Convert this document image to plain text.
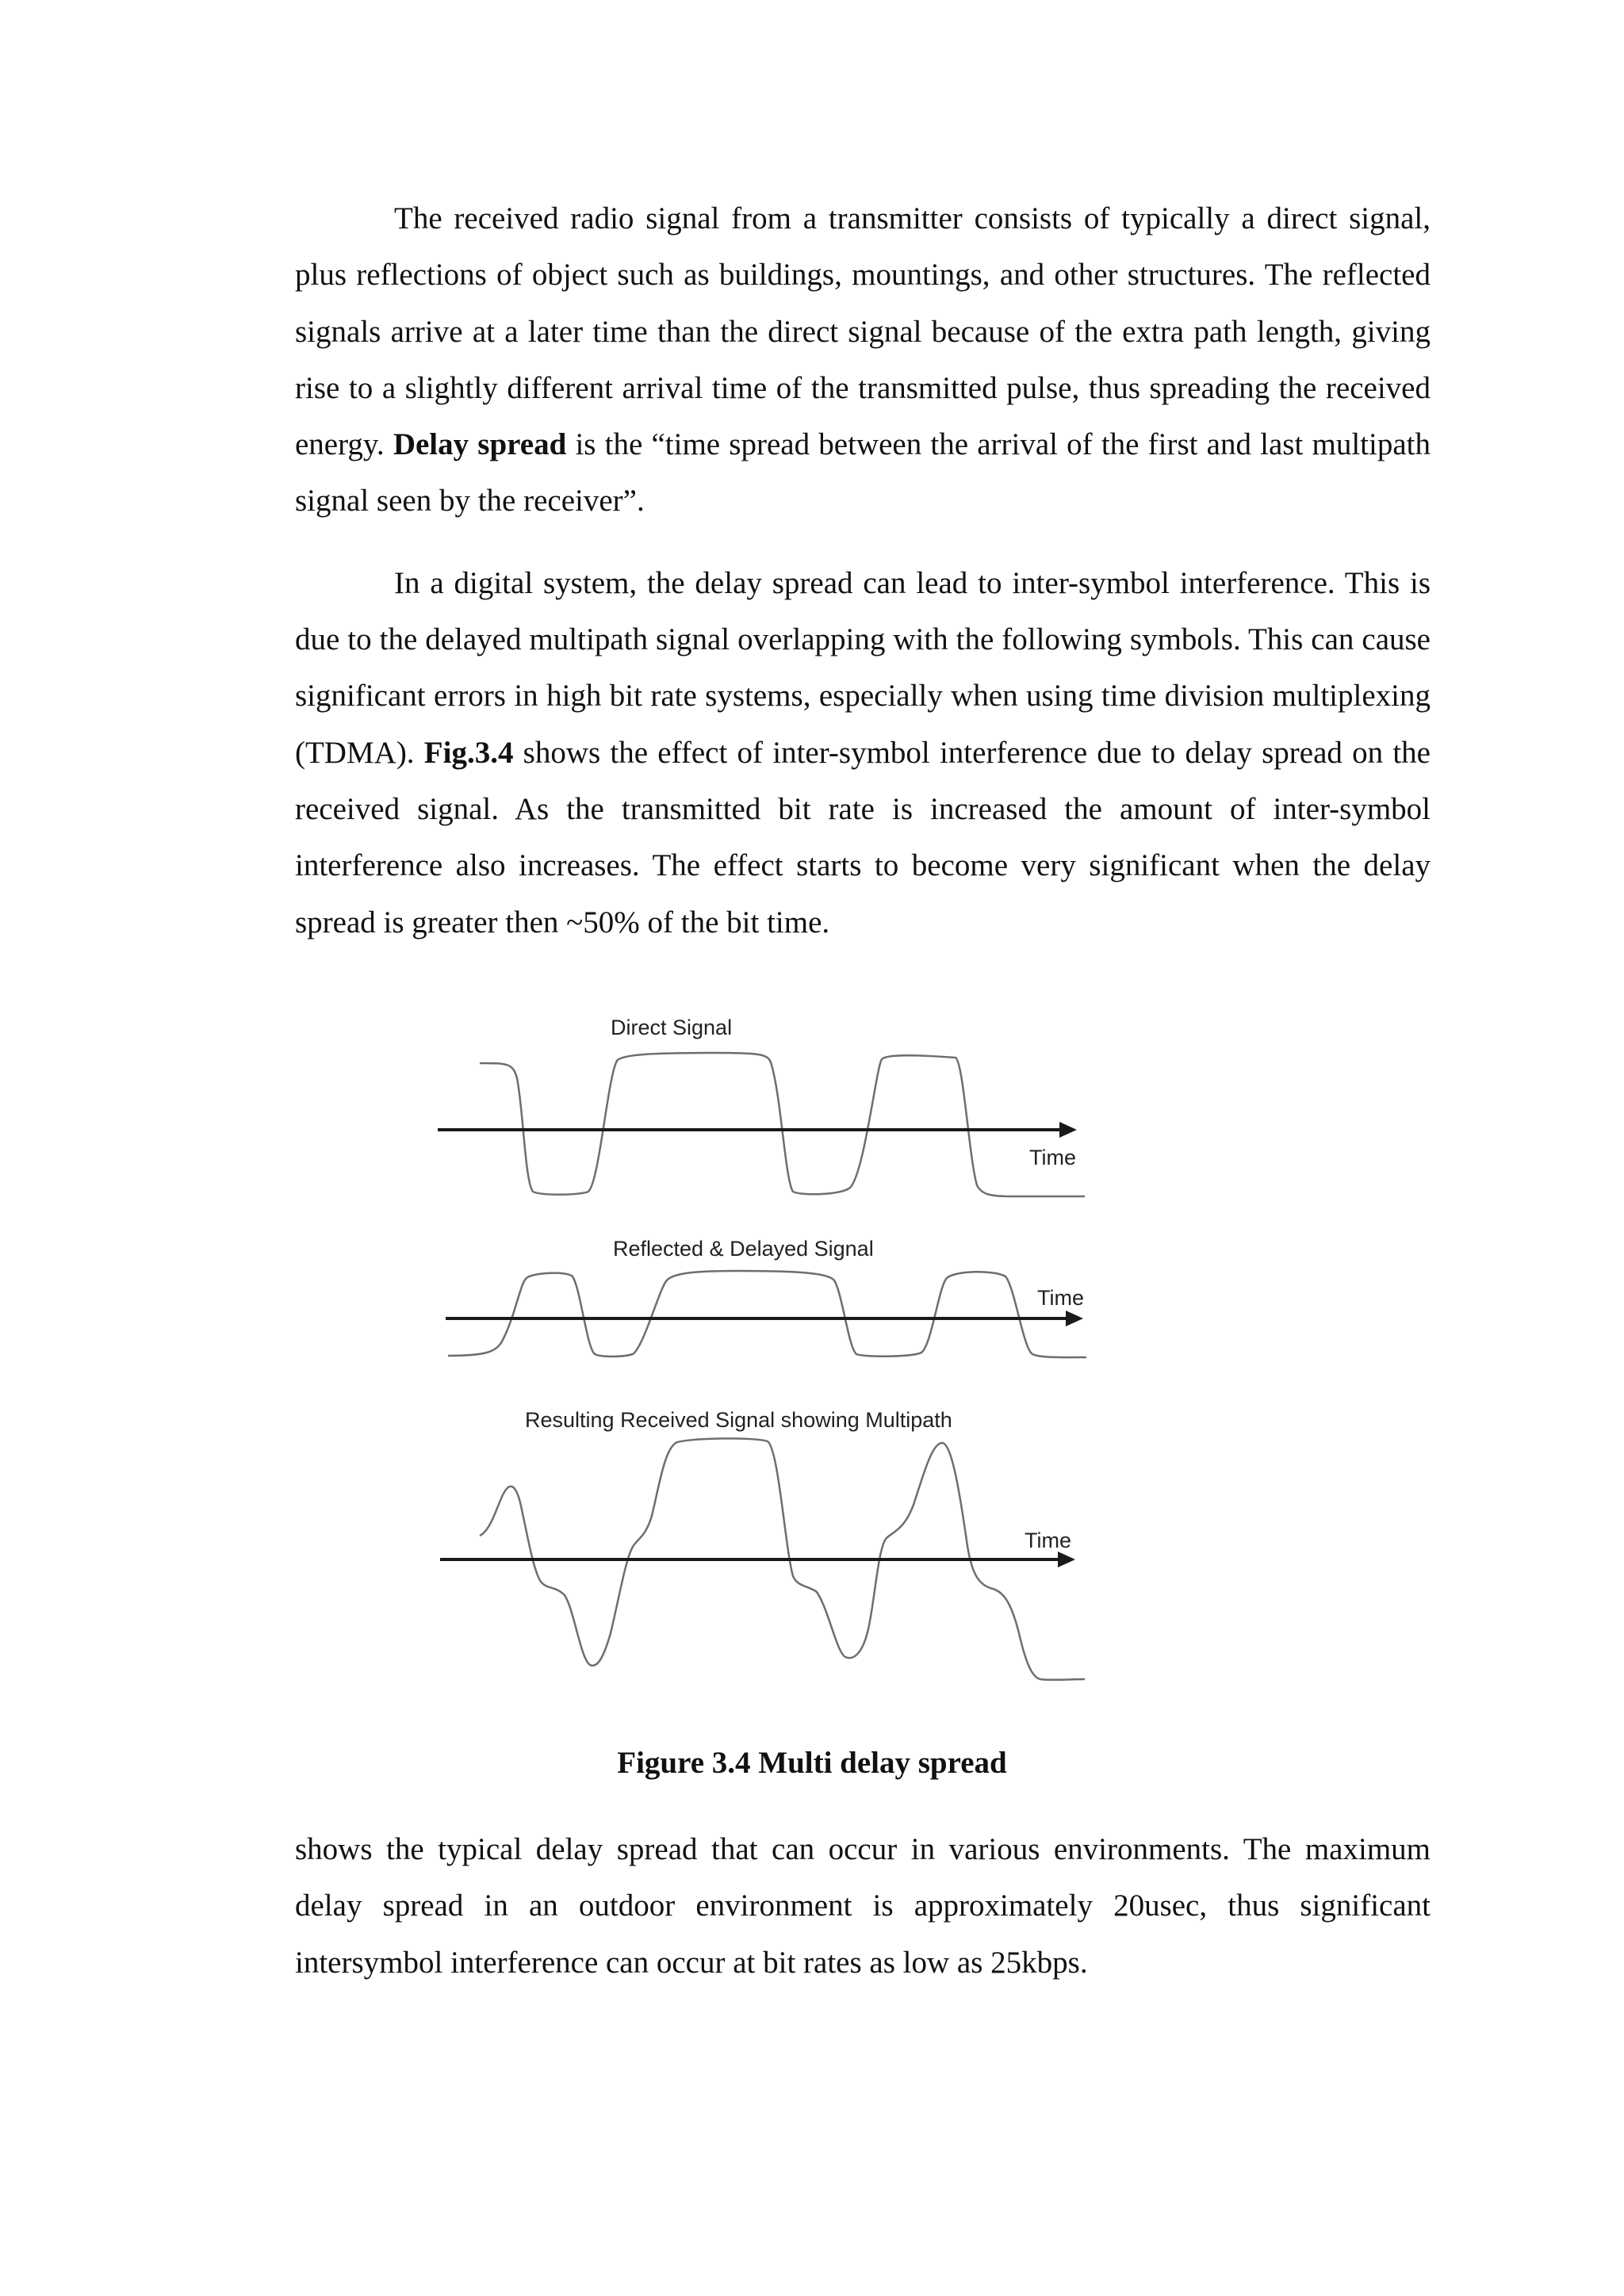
The received radio signal from a transmitter consists of typically a direct signal, plus reflections of object such as buildings, mountings, and other structures. The reflected signals arrive at a later time than the direct signal because of the extra path length, giving rise to a slightly different arrival time of the transmitted pulse, thus spreading the received energy. Delay spread is the “time spread between the arrival of the first and last multipath signal seen by the receiver”.

In a digital system, the delay spread can lead to inter-symbol interference. This is due to the delayed multipath signal overlapping with the following symbols. This can cause significant errors in high bit rate systems, especially when using time division multiplexing (TDMA). Fig.3.4 shows the effect of inter-symbol interference due to delay spread on the received signal. As the transmitted bit rate is increased the amount of inter-symbol interference also increases. The effect starts to become very significant when the delay spread is greater then ~50% of the bit time.

Direct Signal
Time
Reflected & Delayed Signal
Time
Resulting Received Signal showing Multipath
Time

Figure 3.4 Multi delay spread

shows the typical delay spread that can occur in various environments. The maximum delay spread in an outdoor environment is approximately 20usec, thus significant intersymbol interference can occur at bit rates as low as 25kbps.
